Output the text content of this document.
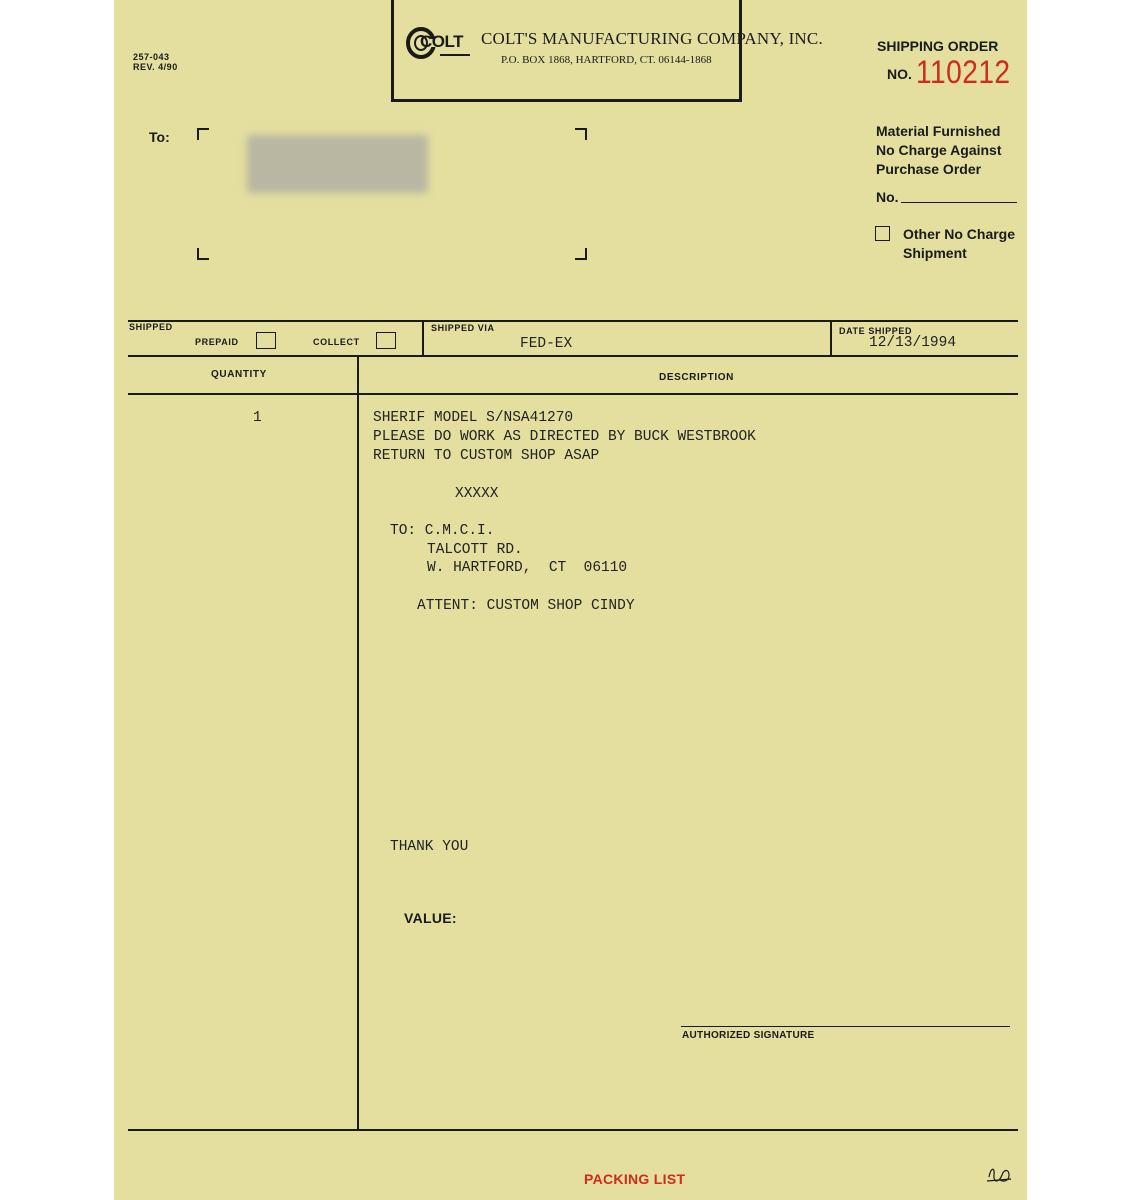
257-043
REV. 4/90
COLT COLT'S MANUFACTURING COMPANY, INC.
P.O. BOX 1868, HARTFORD, CT. 06144-1868
SHIPPING ORDER
NO. 110212
Material Furnished
No Charge Against
Purchase Order
No.
Other No Charge
Shipment
To:
SHIPPED
PREPAID	COLLECT
SHIPPED VIA
FED-EX
DATE SHIPPED
12/13/1994
QUANTITY	DESCRIPTION
1	SHERIF MODEL S/NSA41270
PLEASE DO WORK AS DIRECTED BY BUCK WESTBROOK
RETURN TO CUSTOM SHOP ASAP
XXXXX
TO: C.M.C.I.
TALCOTT RD.
W. HARTFORD,  CT  06110
ATTENT: CUSTOM SHOP CINDY
THANK YOU
VALUE:
AUTHORIZED SIGNATURE
PACKING LIST
